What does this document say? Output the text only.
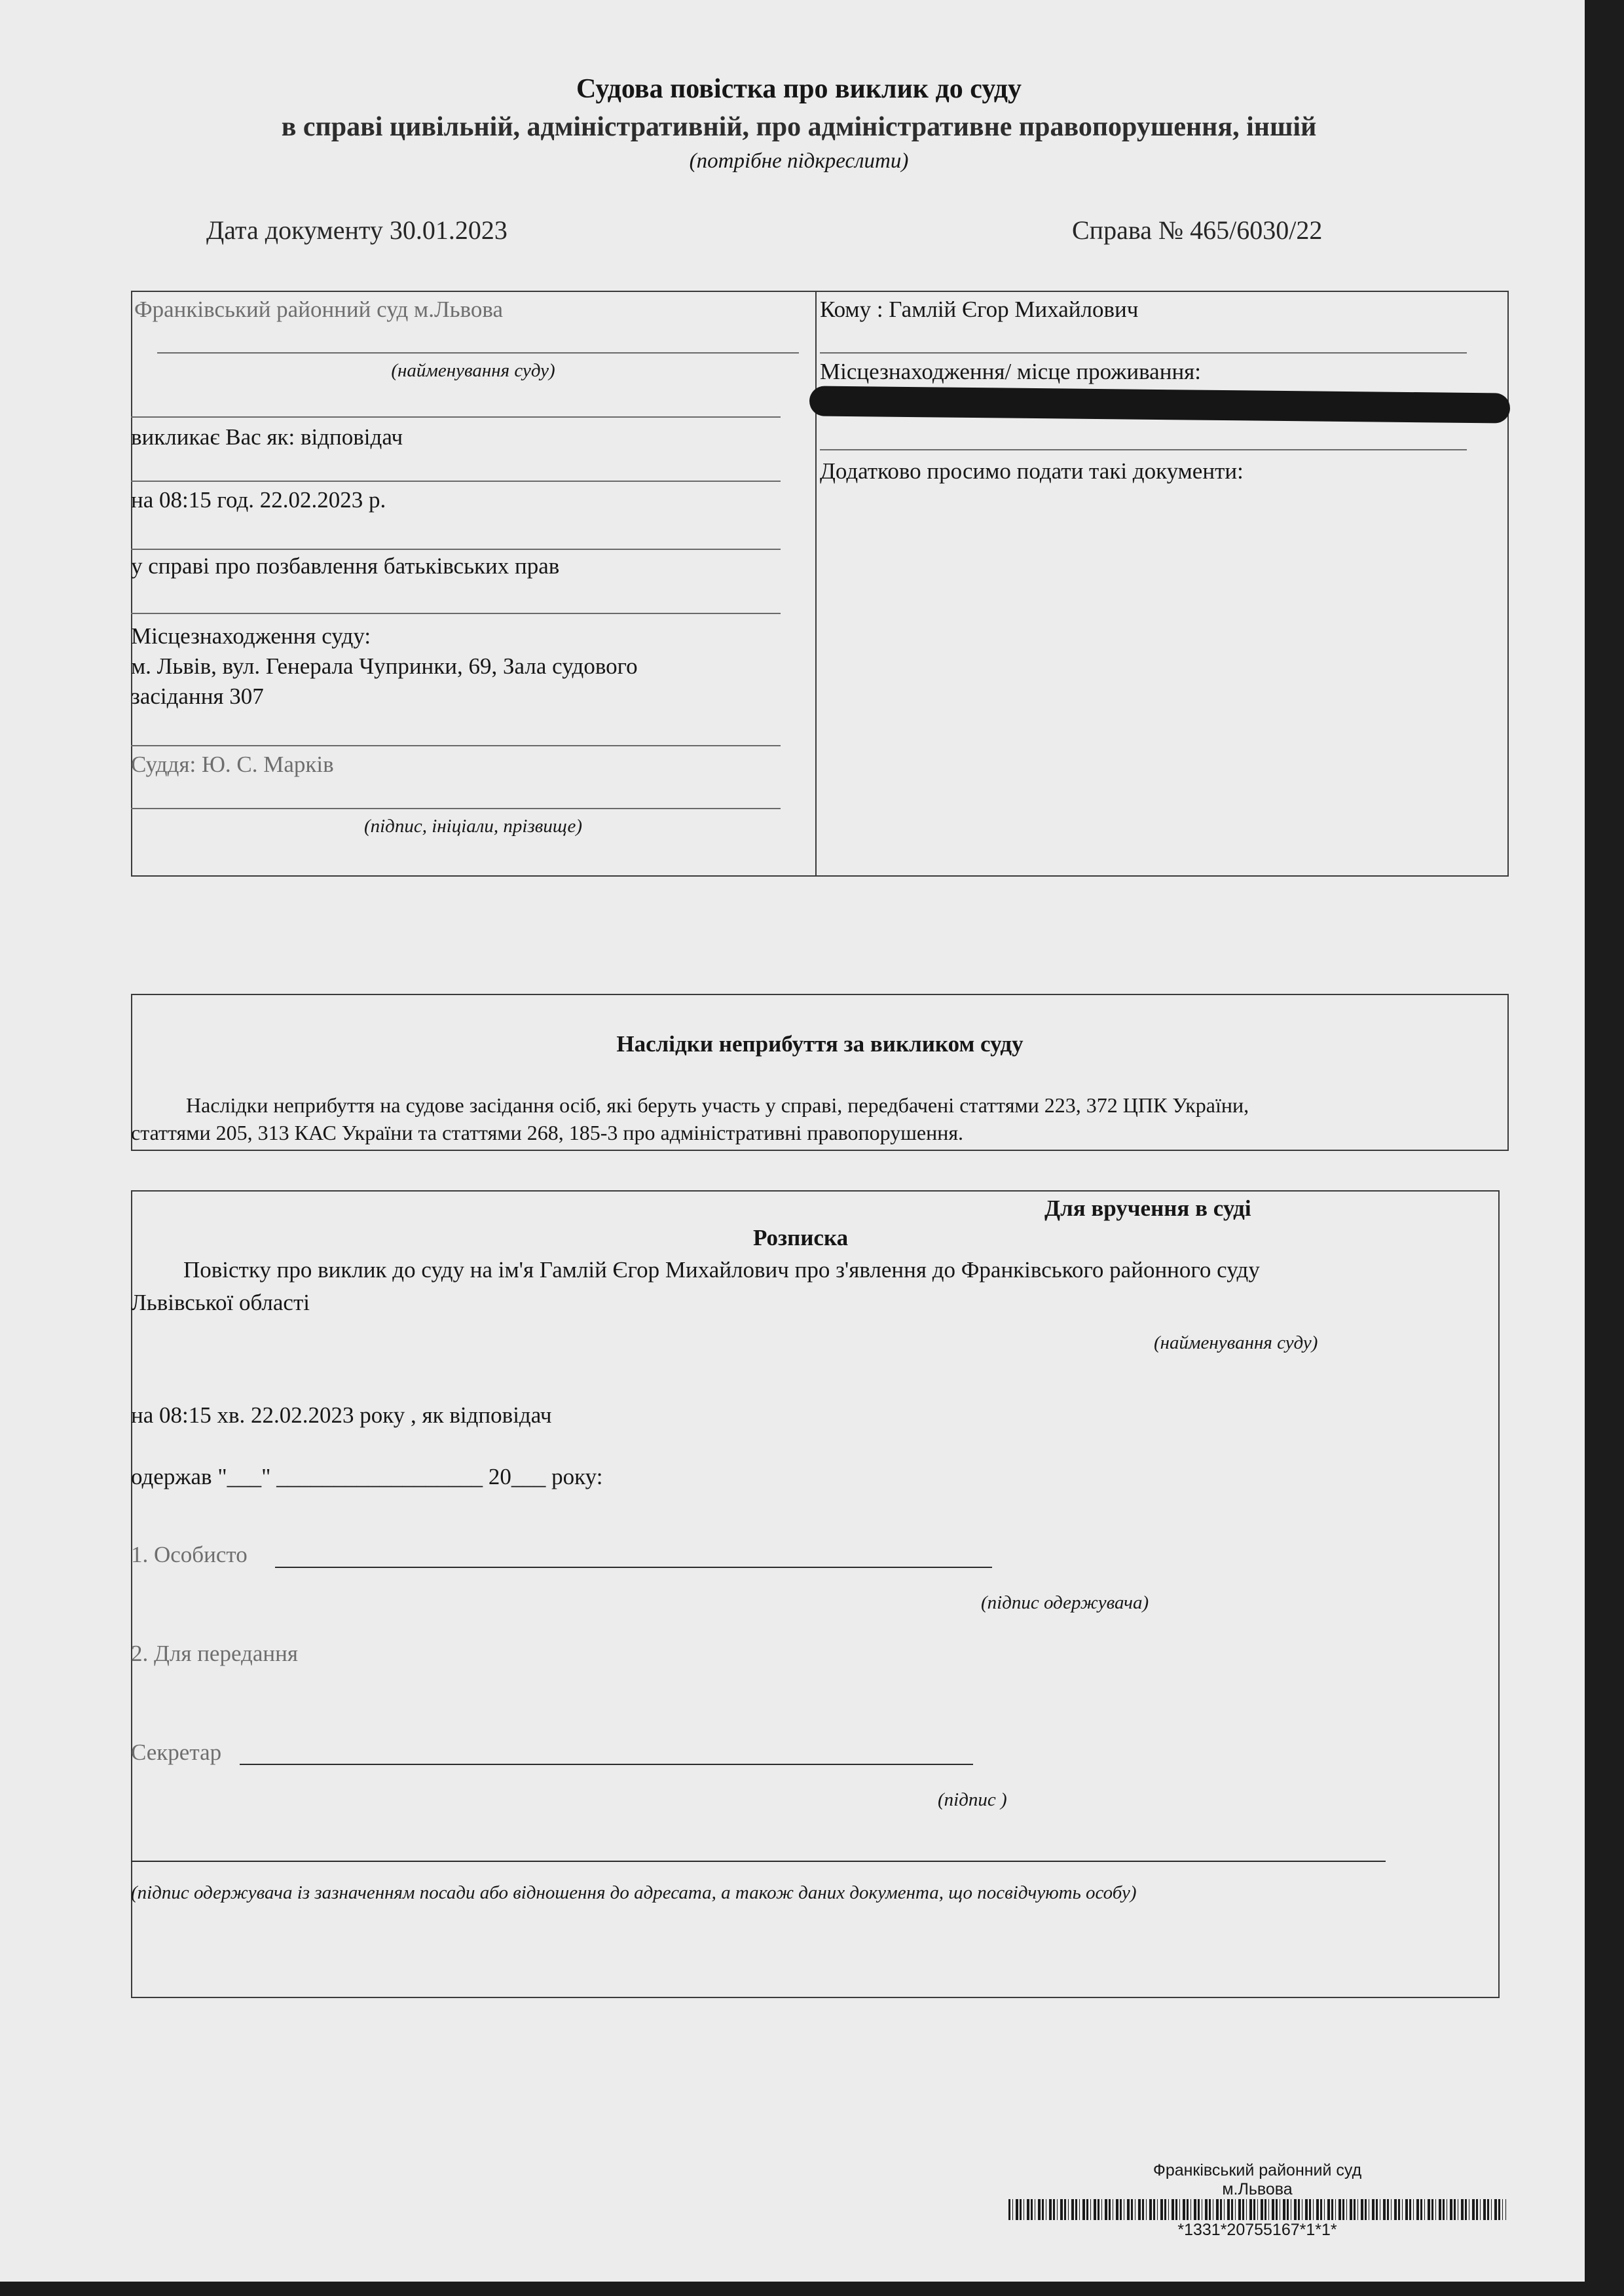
Судова повістка про виклик до суду
в справі цивільній, адміністративній, про адміністративне правопорушення, іншій
(потрібне підкреслити)
Дата документу 30.01.2023	Справа № 465/6030/22
Франківський районний суд м.Львова
(найменування суду)
викликає Вас як: відповідач
на 08:15 год. 22.02.2023 р.
у справі про позбавлення батьківських прав
Місцезнаходження суду:
м. Львів, вул. Генерала Чупринки, 69, Зала судового
засідання 307
Суддя: Ю. С. Марків
(підпис, ініціали, прізвище)
Кому : Гамлій Єгор Михайлович
Місцезнаходження/ місце проживання:
Додатково просимо подати такі документи:
Наслідки неприбуття за викликом суду
Наслідки неприбуття на судове засідання осіб, які беруть участь у справі, передбачені статтями 223, 372 ЦПК України,
статтями 205, 313 КАС України та статтями 268, 185-3 про адміністративні правопорушення.
Для вручення в суді
Розписка
Повістку про виклик до суду на ім'я Гамлій Єгор Михайлович про з'явлення до Франківського районного суду
Львівської області
(найменування суду)
на 08:15 хв. 22.02.2023 року , як відповідач
одержав "___" __________________ 20___ року:
1. Особисто
(підпис одержувача)
2. Для передання
Секретар
(підпис )
(підпис одержувача із зазначенням посади або відношення до адресата, а також даних документа, що посвідчують особу)
Франківський районний суд
м.Львова
*1331*20755167*1*1*
